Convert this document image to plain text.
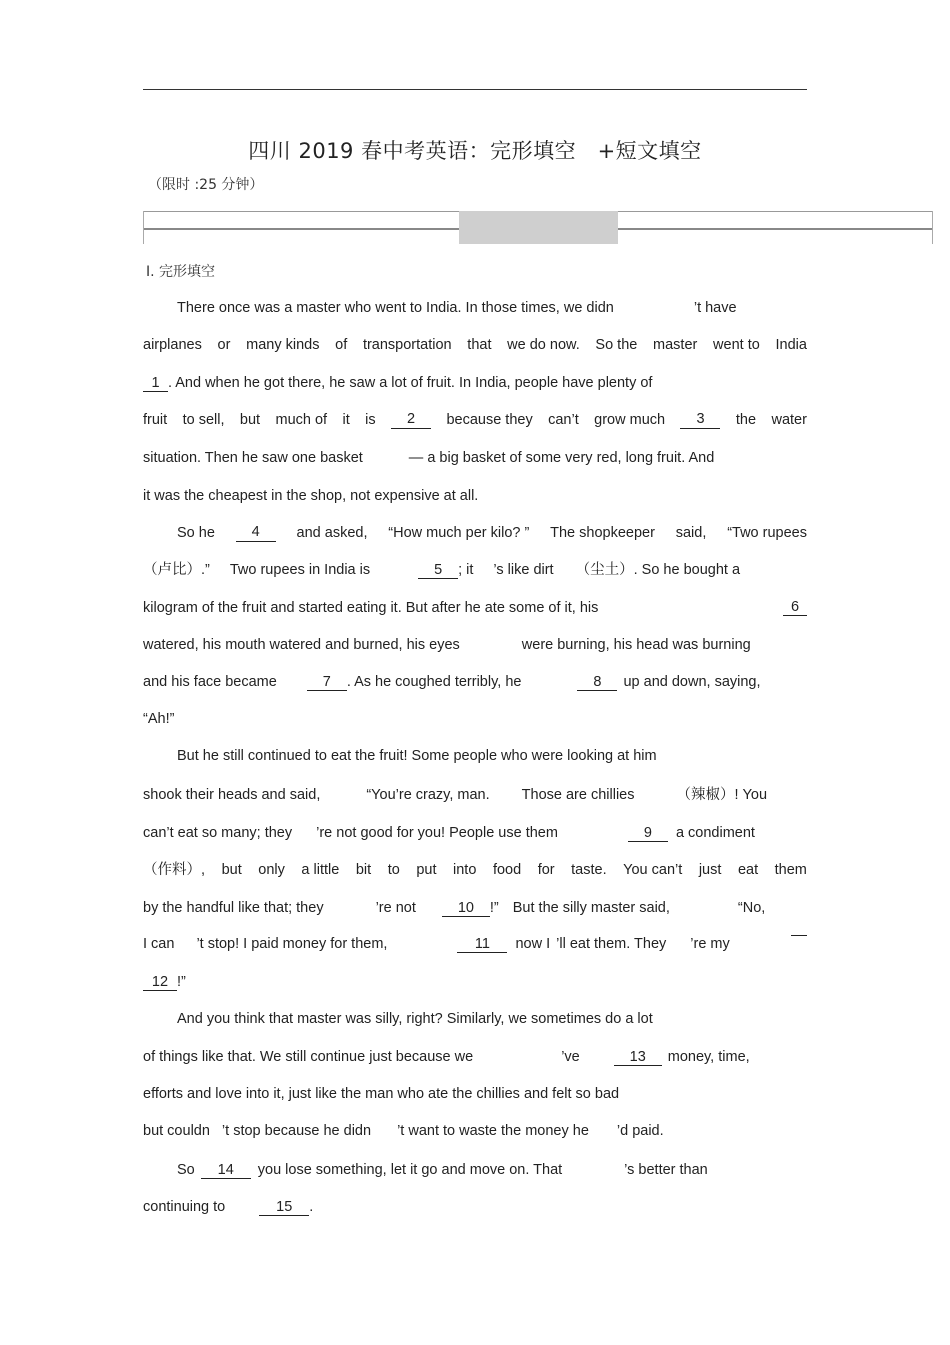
四川 2019 春中考英语：完形填空　+短文填空
（限时 :25 分钟）
Ⅰ. 完形填空
There once was a master who went to India. In those times, we didn	’t have
airplanes or many kinds of transportation that we do now. So the master went to India
1 . And when he got there, he saw a lot of fruit. In India, people have plenty of
fruit to sell, but much of it is	2	because they can’t grow much	3	the water
situation. Then he saw one basket	— a big basket of some very red, long fruit. And
it was the cheapest in the shop, not expensive at all.
So he	4	and asked, “How much per kilo? ” The shopkeeper said, “Two rupees
（卢比）.” Two rupees in India is	5 ; it ’s like dirt （尘土）. So he bought a
kilogram of the fruit and started eating it. But after he ate some of it, his	6
watered, his mouth watered and burned, his eyes	were burning, his head was burning
and his face became	7 . As he coughed terribly, he	8 up and down, saying,
“Ah!”
But he still continued to eat the fruit! Some people who were looking at him
shook their heads and said,	“You’re crazy, man. Those are chillies	（辣椒）! You
can’t eat so many; they ’re not good for you! People use them	9 a condiment
（作料）, but only a little bit to put into food for taste. You can’t just eat them
by the handful like that; they	’re not	10 !” But the silly master said,	“No,
I can ’t stop! I paid money for them,	11 now I ’ll eat them. They ’re my
12 !”
And you think that master was silly, right? Similarly, we sometimes do a lot
of things like that. We still continue just because we	’ve	13 money, time,
efforts and love into it, just like the man who ate the chillies and felt so bad
but couldn ’t stop because he didn ’t want to waste the money he ’d paid.
So 14 you lose something, let it go and move on. That	’s better than
continuing to	15 .
